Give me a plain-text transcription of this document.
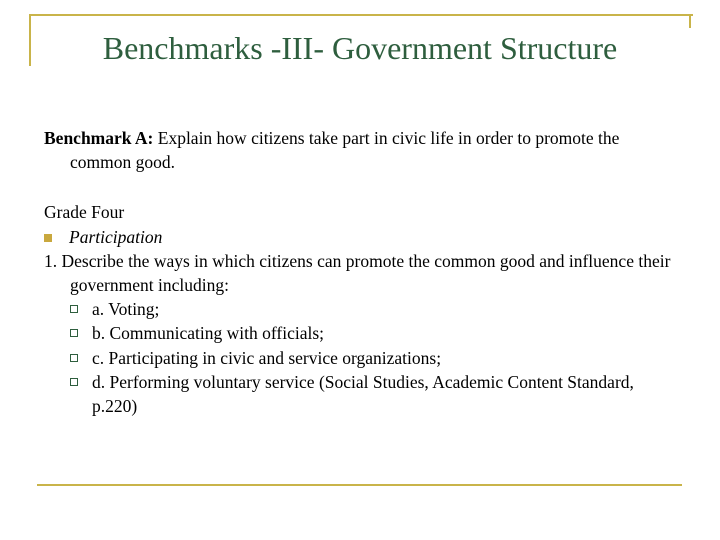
Benchmarks -III- Government Structure

Benchmark A: Explain how citizens take part in civic life in order to promote the common good.

Grade Four

Participation

1. Describe the ways in which citizens can promote the common good and influence their government including:

a. Voting;

b. Communicating with officials;

c. Participating in civic and service organizations;

d. Performing voluntary service (Social Studies, Academic Content Standard, p.220)
